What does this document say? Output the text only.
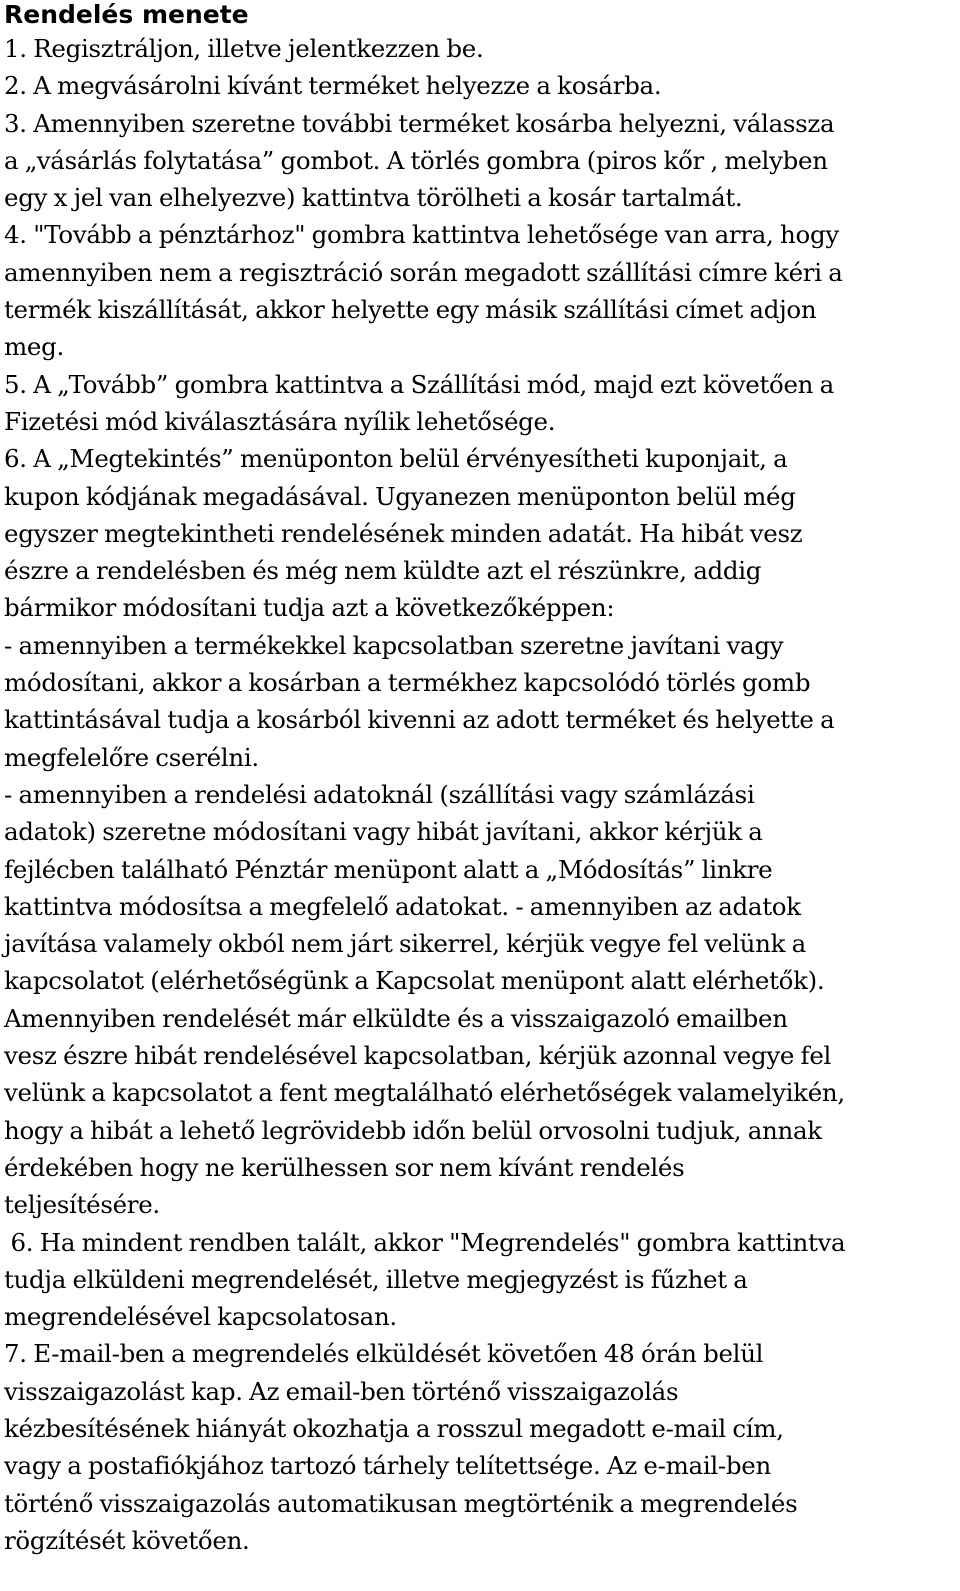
Rendelés menete
1. Regisztráljon, illetve jelentkezzen be.
2. A megvásárolni kívánt terméket helyezze a kosárba.
3. Amennyiben szeretne további terméket kosárba helyezni, válassza
a „vásárlás folytatása” gombot. A törlés gombra (piros kőr , melyben
egy x jel van elhelyezve) kattintva törölheti a kosár tartalmát.
4. "Tovább a pénztárhoz" gombra kattintva lehetősége van arra, hogy
amennyiben nem a regisztráció során megadott szállítási címre kéri a
termék kiszállítását, akkor helyette egy másik szállítási címet adjon
meg.
5. A „Tovább” gombra kattintva a Szállítási mód, majd ezt követően a
Fizetési mód kiválasztására nyílik lehetősége.
6. A „Megtekintés” menüponton belül érvényesítheti kuponjait, a
kupon kódjának megadásával. Ugyanezen menüponton belül még
egyszer megtekintheti rendelésének minden adatát. Ha hibát vesz
észre a rendelésben és még nem küldte azt el részünkre, addig
bármikor módosítani tudja azt a következőképpen:
- amennyiben a termékekkel kapcsolatban szeretne javítani vagy
módosítani, akkor a kosárban a termékhez kapcsolódó törlés gomb
kattintásával tudja a kosárból kivenni az adott terméket és helyette a
megfelelőre cserélni.
- amennyiben a rendelési adatoknál (szállítási vagy számlázási
adatok) szeretne módosítani vagy hibát javítani, akkor kérjük a
fejlécben található Pénztár menüpont alatt a „Módosítás” linkre
kattintva módosítsa a megfelelő adatokat. - amennyiben az adatok
javítása valamely okból nem járt sikerrel, kérjük vegye fel velünk a
kapcsolatot (elérhetőségünk a Kapcsolat menüpont alatt elérhetők).
Amennyiben rendelését már elküldte és a visszaigazoló emailben
vesz észre hibát rendelésével kapcsolatban, kérjük azonnal vegye fel
velünk a kapcsolatot a fent megtalálható elérhetőségek valamelyikén,
hogy a hibát a lehető legrövidebb időn belül orvosolni tudjuk, annak
érdekében hogy ne kerülhessen sor nem kívánt rendelés
teljesítésére.
6. Ha mindent rendben talált, akkor "Megrendelés" gombra kattintva
tudja elküldeni megrendelését, illetve megjegyzést is fűzhet a
megrendelésével kapcsolatosan.
7. E-mail-ben a megrendelés elküldését követően 48 órán belül
visszaigazolást kap. Az email-ben történő visszaigazolás
kézbesítésének hiányát okozhatja a rosszul megadott e-mail cím,
vagy a postafiókjához tartozó tárhely telítettsége. Az e-mail-ben
történő visszaigazolás automatikusan megtörténik a megrendelés
rögzítését követően.
